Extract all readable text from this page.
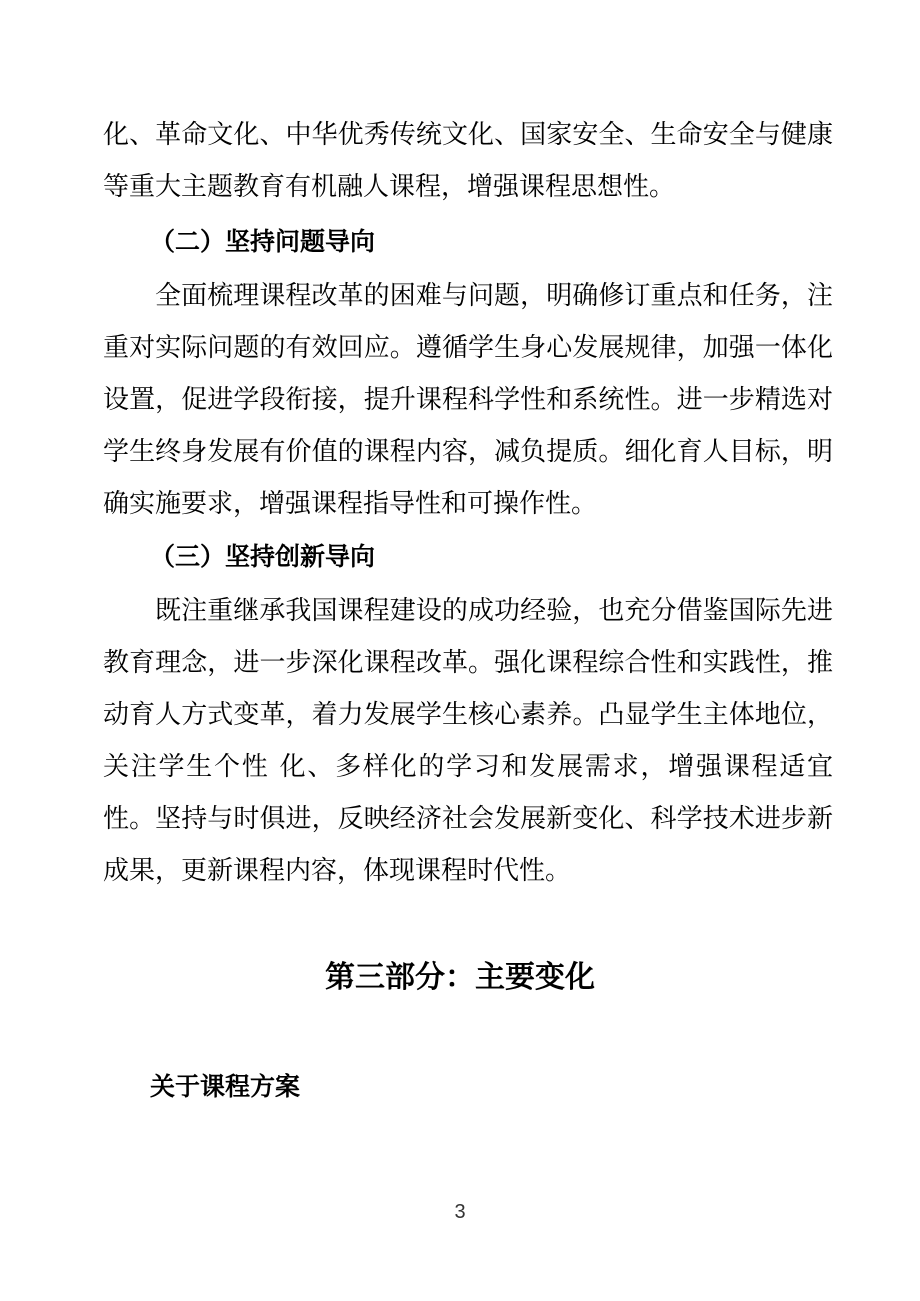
化、革命文化、中华优秀传统文化、国家安全、生命安全与健康等重大主题教育有机融人课程，增强课程思想性。

（二）坚持问题导向

全面梳理课程改革的困难与问题，明确修订重点和任务，注重对实际问题的有效回应。遵循学生身心发展规律，加强一体化设置，促进学段衔接，提升课程科学性和系统性。进一步精选对学生终身发展有价值的课程内容，减负提质。细化育人目标，明确实施要求，增强课程指导性和可操作性。

（三）坚持创新导向

既注重继承我国课程建设的成功经验，也充分借鉴国际先进教育理念，进一步深化课程改革。强化课程综合性和实践性，推动育人方式变革，着力发展学生核心素养。凸显学生主体地位，关注学生个性 化、多样化的学习和发展需求，增强课程适宜性。坚持与时俱进，反映经济社会发展新变化、科学技术进步新成果，更新课程内容，体现课程时代性。

第三部分：主要变化

关于课程方案

3
